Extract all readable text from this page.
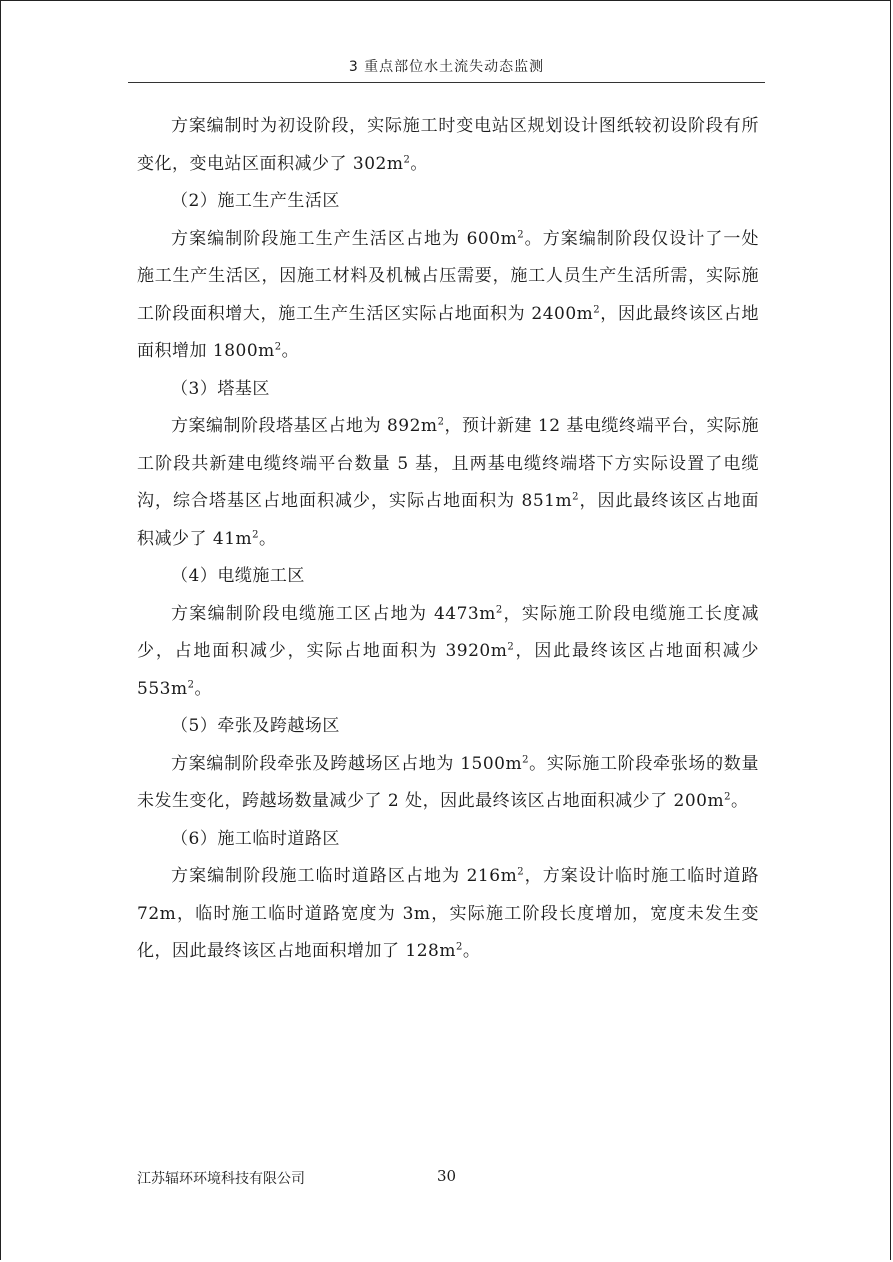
3 重点部位水土流失动态监测

方案编制时为初设阶段，实际施工时变电站区规划设计图纸较初设阶段有所变化，变电站区面积减少了 $302m^2$。

（2）施工生产生活区

方案编制阶段施工生产生活区占地为 $600m^2$。方案编制阶段仅设计了一处施工生产生活区，因施工材料及机械占压需要，施工人员生产生活所需，实际施工阶段面积增大，施工生产生活区实际占地面积为 $2400m^2$，因此最终该区占地面积增加 $1800m^2$。

（3）塔基区

方案编制阶段塔基区占地为 $892m^2$，预计新建 12 基电缆终端平台，实际施工阶段共新建电缆终端平台数量 5 基，且两基电缆终端塔下方实际设置了电缆沟，综合塔基区占地面积减少，实际占地面积为 $851m^2$，因此最终该区占地面积减少了 $41m^2$。

（4）电缆施工区

方案编制阶段电缆施工区占地为 $4473m^2$，实际施工阶段电缆施工长度减少，占地面积减少，实际占地面积为 $3920m^2$，因此最终该区占地面积减少 $553m^2$。

（5）牵张及跨越场区

方案编制阶段牵张及跨越场区占地为 $1500m^2$。实际施工阶段牵张场的数量未发生变化，跨越场数量减少了 2 处，因此最终该区占地面积减少了 $200m^2$。

（6）施工临时道路区

方案编制阶段施工临时道路区占地为 $216m^2$，方案设计临时施工临时道路 72m，临时施工临时道路宽度为 3m，实际施工阶段长度增加，宽度未发生变化，因此最终该区占地面积增加了 $128m^2$。

江苏辐环环境科技有限公司	30
